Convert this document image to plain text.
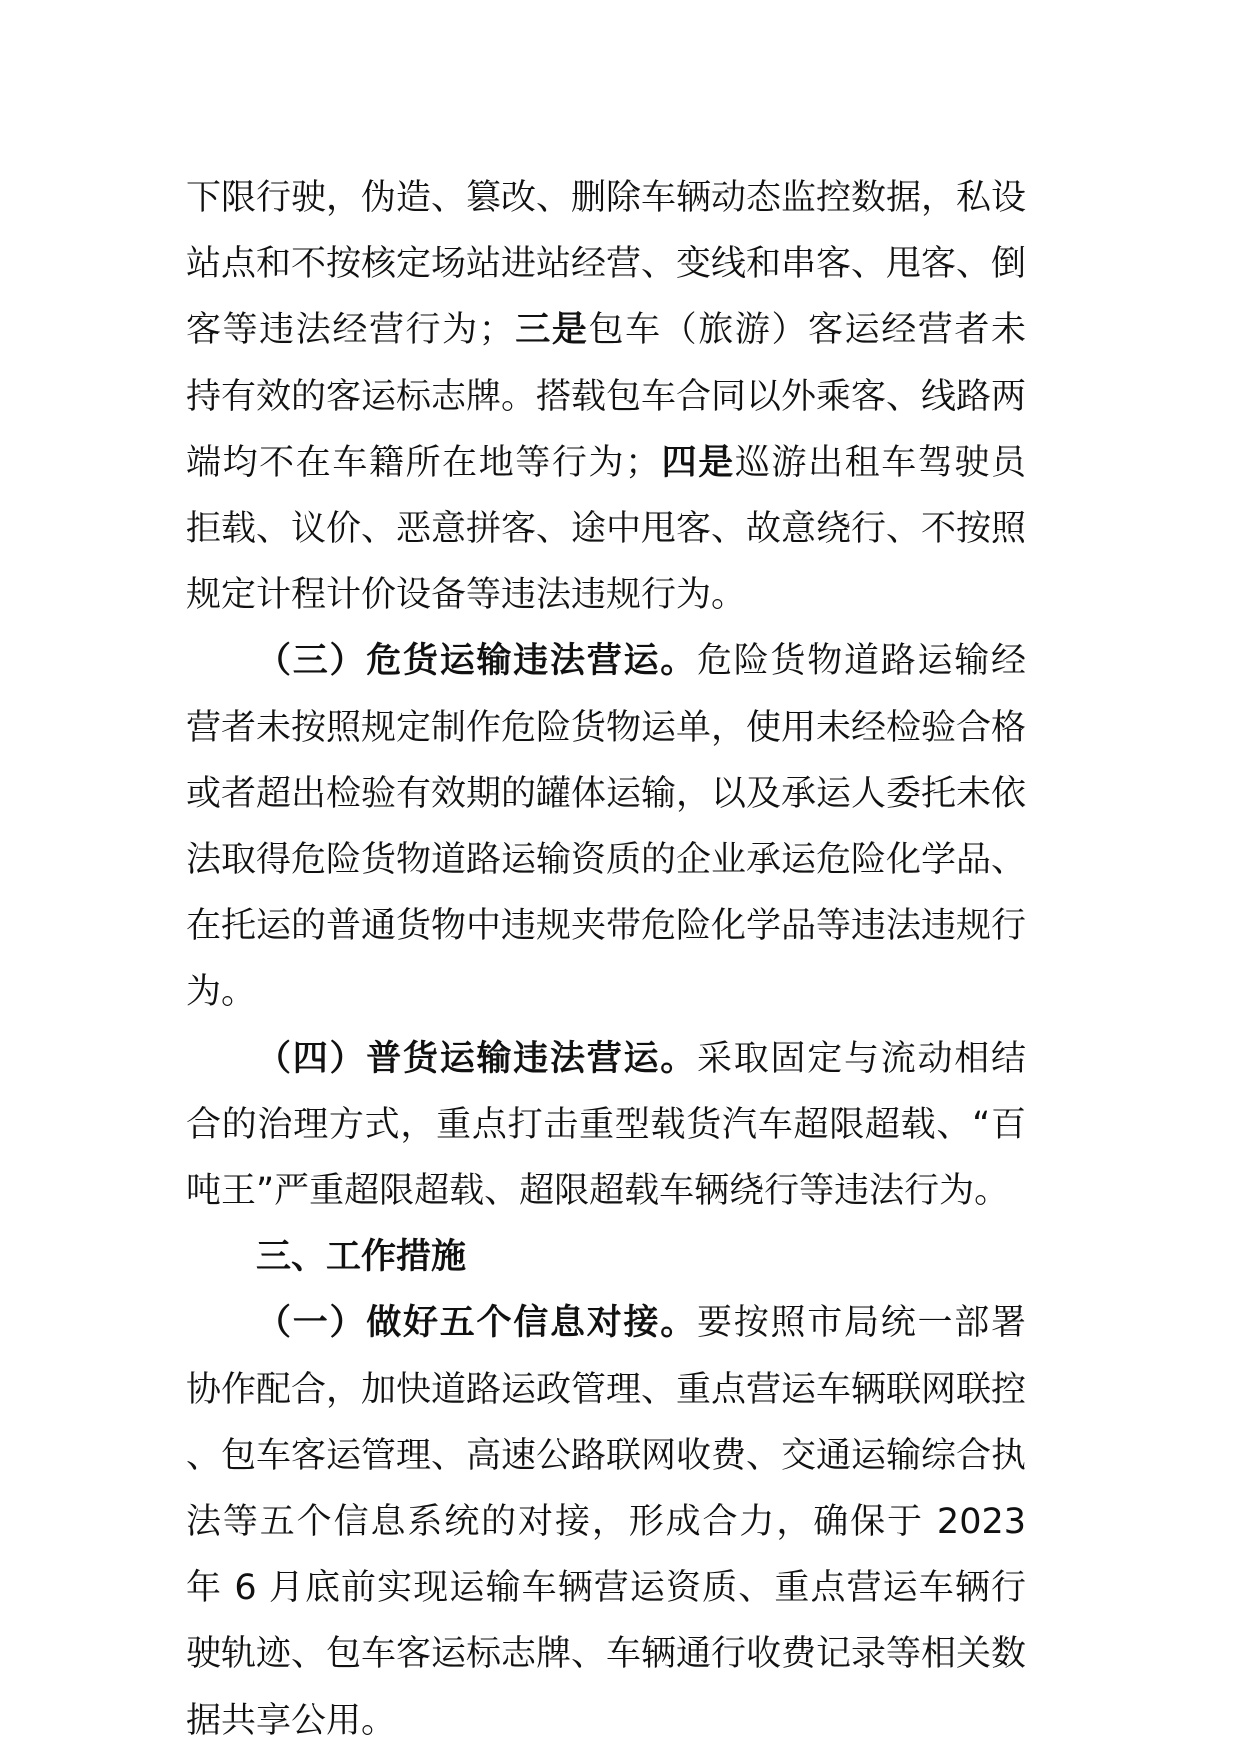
下限行驶，伪造、篡改、删除车辆动态监控数据，私设站点和不按核定场站进站经营、变线和串客、甩客、倒客等违法经营行为；三是包车（旅游）客运经营者未持有效的客运标志牌。搭载包车合同以外乘客、线路两端均不在车籍所在地等行为；四是巡游出租车驾驶员拒载、议价、恶意拼客、途中甩客、故意绕行、不按照规定计程计价设备等违法违规行为。

（三）危货运输违法营运。危险货物道路运输经营者未按照规定制作危险货物运单，使用未经检验合格或者超出检验有效期的罐体运输，以及承运人委托未依法取得危险货物道路运输资质的企业承运危险化学品、在托运的普通货物中违规夹带危险化学品等违法违规行为。

（四）普货运输违法营运。采取固定与流动相结合的治理方式，重点打击重型载货汽车超限超载、“百吨王”严重超限超载、超限超载车辆绕行等违法行为。

三、工作措施

（一）做好五个信息对接。要按照市局统一部署协作配合，加快道路运政管理、重点营运车辆联网联控、包车客运管理、高速公路联网收费、交通运输综合执法等五个信息系统的对接，形成合力，确保于 2023 年 6 月底前实现运输车辆营运资质、重点营运车辆行驶轨迹、包车客运标志牌、车辆通行收费记录等相关数据共享公用。
